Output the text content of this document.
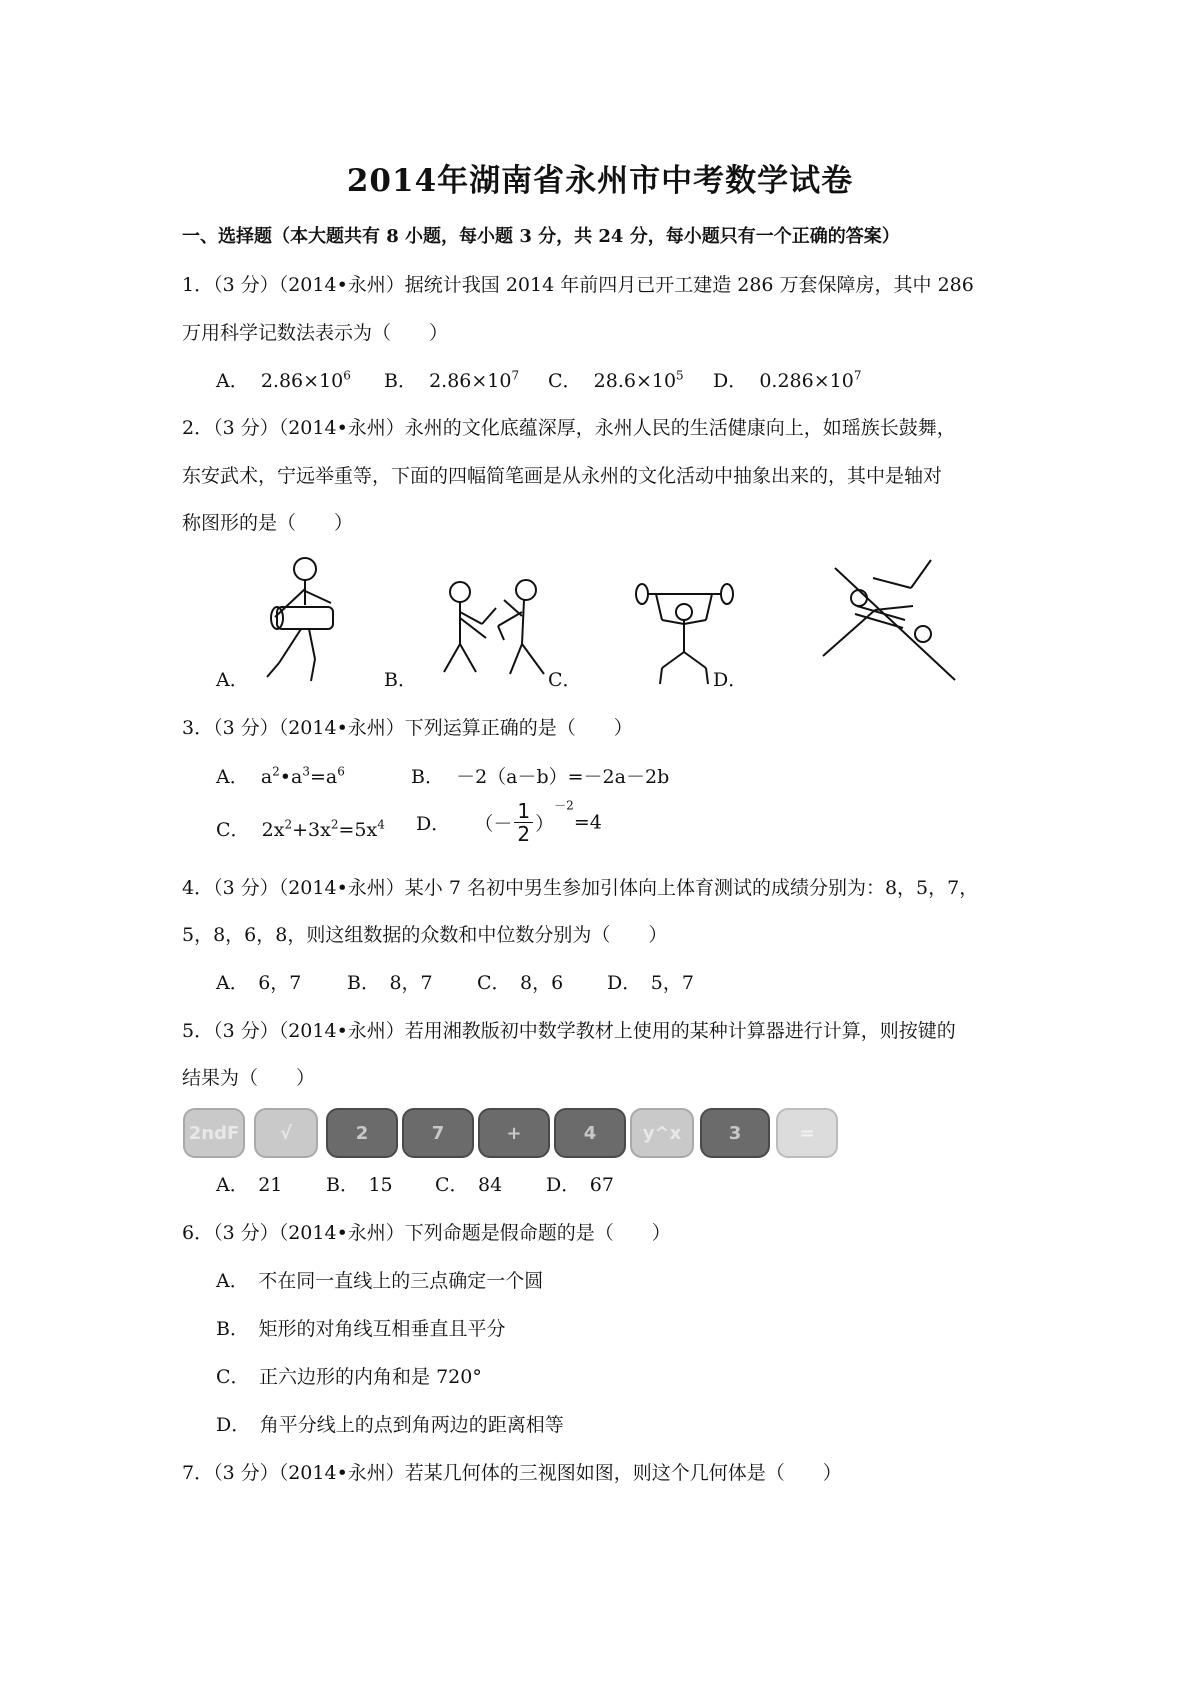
2014年湖南省永州市中考数学试卷
一、选择题（本大题共有 8 小题，每小题 3 分，共 24 分，每小题只有一个正确的答案）
1．（3 分）（2014•永州）据统计我国 2014 年前四月已开工建造 286 万套保障房，其中 286
万用科学记数法表示为（　　）
A． $2.86\times 10^6$ B． $2.86\times 10^7$ C． $28.6\times 10^5$ D． $0.286\times 10^7$
2．（3 分）（2014•永州）永州的文化底蕴深厚，永州人民的生活健康向上，如瑶族长鼓舞，
东安武术，宁远举重等，下面的四幅简笔画是从永州的文化活动中抽象出来的，其中是轴对
称图形的是（　　）
A．	B．	C．	D．
3．（3 分）（2014•永州）下列运算正确的是（　　）
A． $a^2•a^3=a^6$	B． －2（a－b）=－2a－2b
C． $2x^2+3x^2=5x^4$ D． （－ $\frac{1}{2} )^{-2}=4$
4．（3 分）（2014•永州）某小 7 名初中男生参加引体向上体育测试的成绩分别为：8，5，7，
5，8，6，8，则这组数据的众数和中位数分别为（　　）
A．　6，7 B．　8，7 C．　8，6 D．　5，7
5．（3 分）（2014•永州）若用湘教版初中数学教材上使用的某种计算器进行计算，则按键的
结果为（　　）
2ndF	√	2	7	+	4	y^x	3	=
A．　21 B．　15 C．　84 D．　67
6．（3 分）（2014•永州）下列命题是假命题的是（　　）
A．　不在同一直线上的三点确定一个圆
B．　矩形的对角线互相垂直且平分
C．　正六边形的内角和是 720°
D．　角平分线上的点到角两边的距离相等
7．（3 分）（2014•永州）若某几何体的三视图如图，则这个几何体是（　　）
